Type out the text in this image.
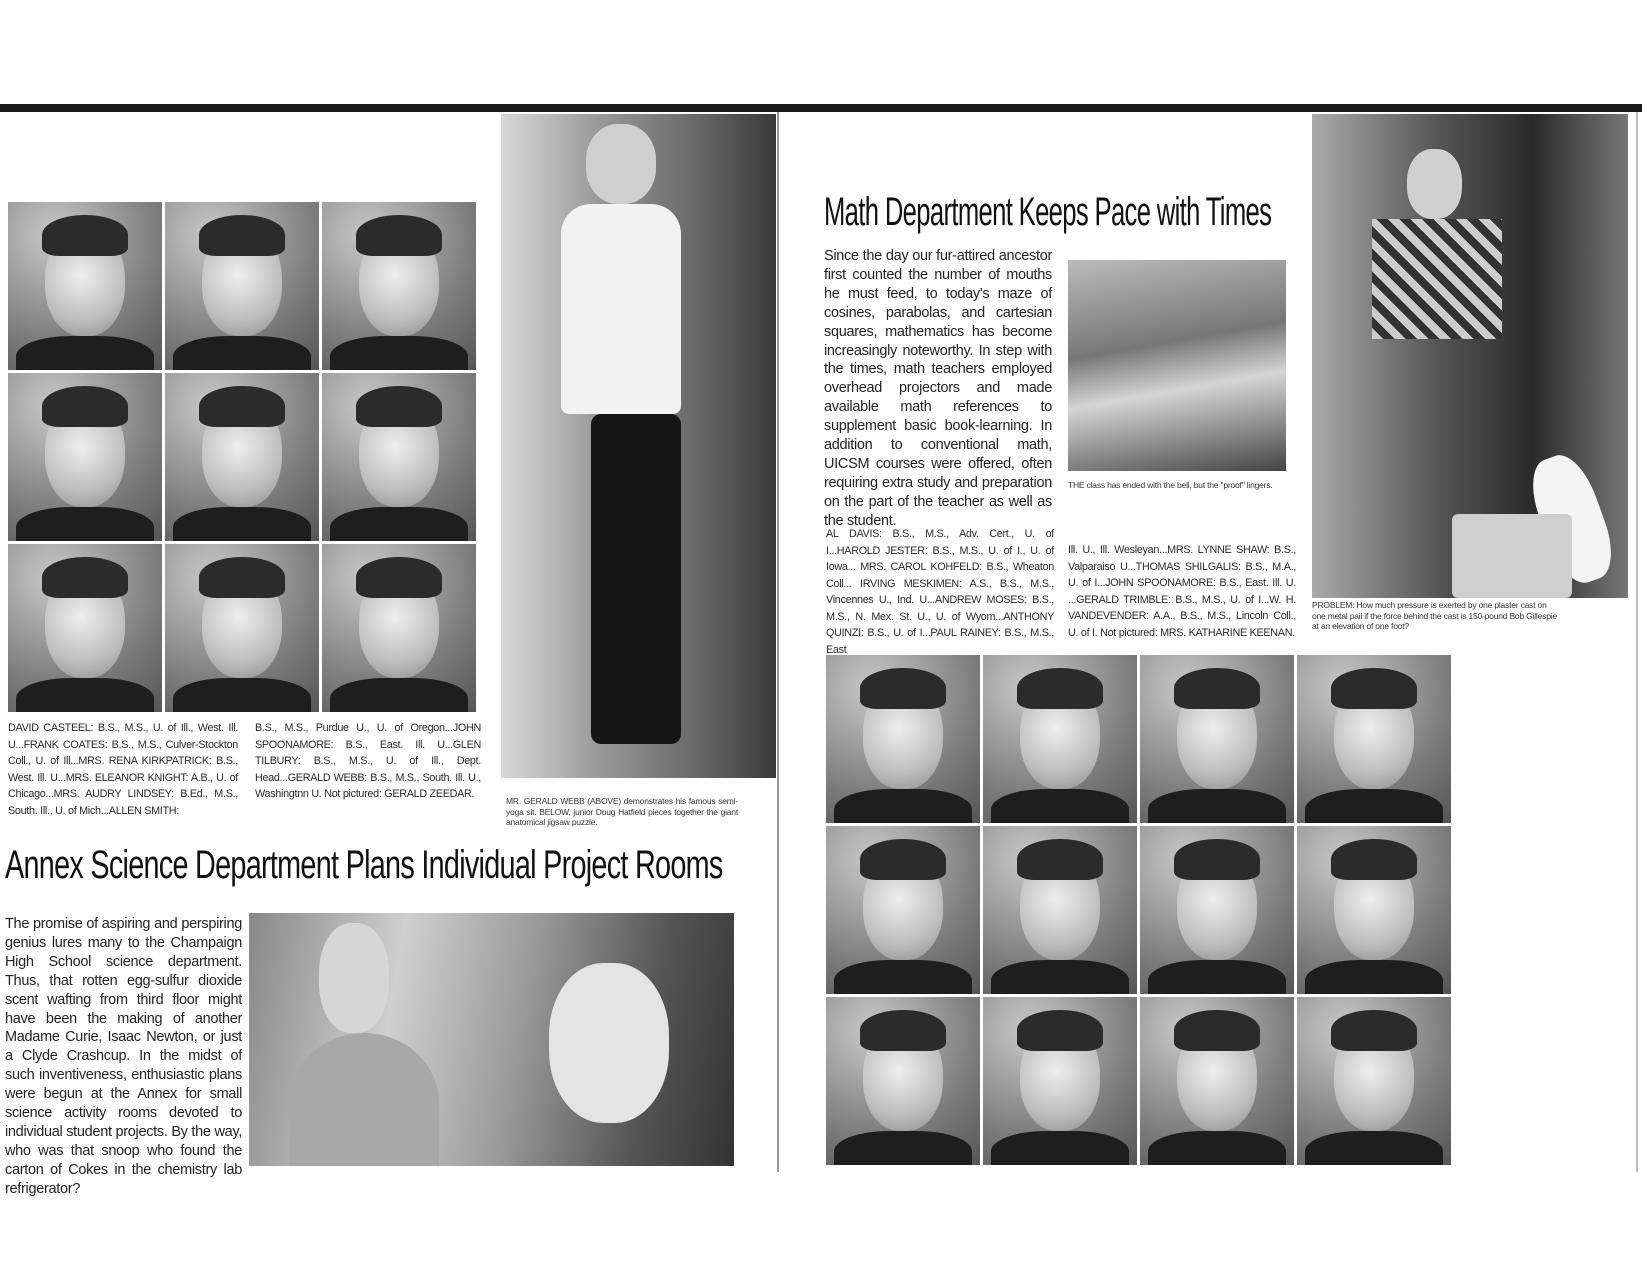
DAVID CASTEEL: B.S., M.S., U. of Ill., West. Ill. U...FRANK COATES: B.S., M.S., Culver-Stockton Coll., U. of Ill...MRS. RENA KIRKPATRICK: B.S., West. Ill. U...MRS. ELEANOR KNIGHT: A.B., U. of Chicago...MRS. AUDRY LINDSEY: B.Ed., M.S., South. Ill., U. of Mich...ALLEN SMITH:
B.S., M.S., Purdue U., U. of Oregon...JOHN SPOONAMORE: B.S., East. Ill. U...GLEN TILBURY: B.S., M.S., U. of Ill., Dept. Head...GERALD WEBB: B.S., M.S., South. Ill. U., Washingtnn U. Not pictured: GERALD ZEEDAR.
MR. GERALD WEBB (ABOVE) demonstrates his famous semi-yoga sit. BELOW, junior Doug Hatfield pieces together the giant anatomical jigsaw puzzle.
Annex Science Department Plans Individual Project Rooms
The promise of aspiring and perspiring genius lures many to the Champaign High School science department. Thus, that rotten egg-sulfur dioxide scent wafting from third floor might have been the making of another Madame Curie, Isaac Newton, or just a Clyde Crashcup. In the midst of such inventiveness, enthusiastic plans were begun at the Annex for small science activity rooms devoted to individual student projects. By the way, who was that snoop who found the carton of Cokes in the chemistry lab refrigerator?
Math Department Keeps Pace with Times
Since the day our fur-attired ancestor first counted the number of mouths he must feed, to today's maze of cosines, parabolas, and cartesian squares, mathematics has become increasingly noteworthy. In step with the times, math teachers employed overhead projectors and made available math references to supplement basic book-learning. In addition to conventional math, UICSM courses were offered, often requiring extra study and preparation on the part of the teacher as well as the student.
THE class has ended with the bell, but the "proof" lingers.
PROBLEM: How much pressure is exerted by one plaster cast on one metal pail if the force behind the cast is 150-pound Bob Gillespie at an elevation of one foot?
AL DAVIS: B.S., M.S., Adv. Cert., U. of I...HAROLD JESTER: B.S., M.S., U. of I., U. of Iowa... MRS. CAROL KOHFELD: B.S., Wheaton Coll... IRVING MESKIMEN: A.S., B.S., M.S., Vincennes U., Ind. U...ANDREW MOSES: B.S., M.S., N. Mex. St. U., U. of Wyom...ANTHONY QUINZI: B.S., U. of I...PAUL RAINEY: B.S., M.S., East
Ill. U., Ill. Wesleyan...MRS. LYNNE SHAW: B.S., Valparaiso U...THOMAS SHILGALIS: B.S., M.A., U. of I...JOHN SPOONAMORE: B.S., East. Ill. U. ...GERALD TRIMBLE: B.S., M.S., U. of I...W. H. VANDEVENDER: A.A., B.S., M.S., Lincoln Coll., U. of I. Not pictured: MRS. KATHARINE KEENAN.
